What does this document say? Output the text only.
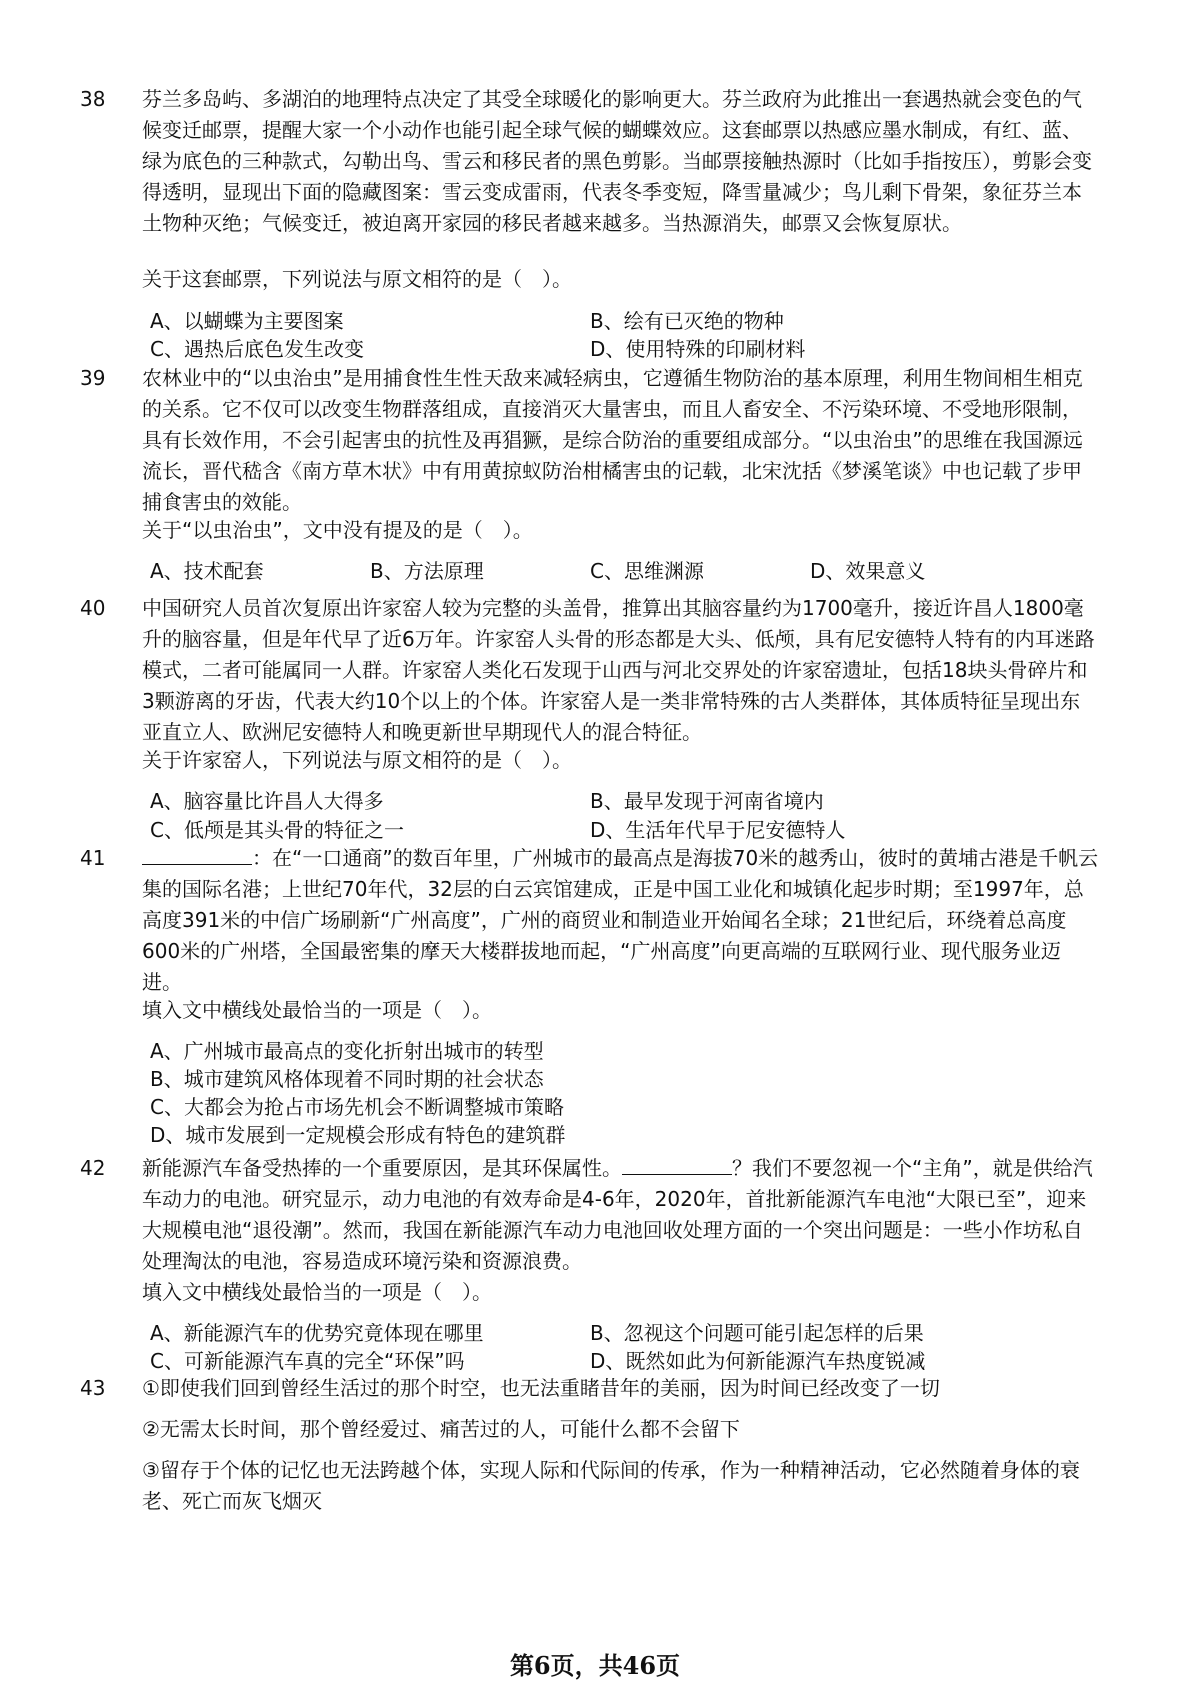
38	芬兰多岛屿、多湖泊的地理特点决定了其受全球暖化的影响更大。芬兰政府为此推出一套遇热就会变色的气候变迁邮票，提醒大家一个小动作也能引起全球气候的蝴蝶效应。这套邮票以热感应墨水制成，有红、蓝、绿为底色的三种款式，勾勒出鸟、雪云和移民者的黑色剪影。当邮票接触热源时（比如手指按压），剪影会变得透明，显现出下面的隐藏图案：雪云变成雷雨，代表冬季变短，降雪量减少；鸟儿剩下骨架，象征芬兰本土物种灭绝；气候变迁，被迫离开家园的移民者越来越多。当热源消失，邮票又会恢复原状。

关于这套邮票，下列说法与原文相符的是（　）。
A、以蝴蝶为主要图案	B、绘有已灭绝的物种
C、遇热后底色发生改变	D、使用特殊的印刷材料
39	农林业中的“以虫治虫”是用捕食性生性天敌来减轻病虫，它遵循生物防治的基本原理，利用生物间相生相克的关系。它不仅可以改变生物群落组成，直接消灭大量害虫，而且人畜安全、不污染环境、不受地形限制，具有长效作用，不会引起害虫的抗性及再猖獗，是综合防治的重要组成部分。“以虫治虫”的思维在我国源远流长，晋代嵇含《南方草木状》中有用黄掠蚁防治柑橘害虫的记载，北宋沈括《梦溪笔谈》中也记载了步甲捕食害虫的效能。

关于“以虫治虫”，文中没有提及的是（　）。
A、技术配套	B、方法原理	C、思维渊源	D、效果意义
40	中国研究人员首次复原出许家窑人较为完整的头盖骨，推算出其脑容量约为1700毫升，接近许昌人1800毫升的脑容量，但是年代早了近6万年。许家窑人头骨的形态都是大头、低颅，具有尼安德特人特有的内耳迷路模式，二者可能属同一人群。许家窑人类化石发现于山西与河北交界处的许家窑遗址，包括18块头骨碎片和3颗游离的牙齿，代表大约10个以上的个体。许家窑人是一类非常特殊的古人类群体，其体质特征呈现出东亚直立人、欧洲尼安德特人和晚更新世早期现代人的混合特征。

关于许家窑人，下列说法与原文相符的是（　）。
A、脑容量比许昌人大得多	B、最早发现于河南省境内
C、低颅是其头骨的特征之一	D、生活年代早于尼安德特人
41	：在“一口通商”的数百年里，广州城市的最高点是海拔70米的越秀山，彼时的黄埔古港是千帆云集的国际名港；上世纪70年代，32层的白云宾馆建成，正是中国工业化和城镇化起步时期；至1997年，总高度391米的中信广场刷新“广州高度”，广州的商贸业和制造业开始闻名全球；21世纪后，环绕着总高度600米的广州塔，全国最密集的摩天大楼群拔地而起，“广州高度”向更高端的互联网行业、现代服务业迈进。

填入文中横线处最恰当的一项是（　）。
A、广州城市最高点的变化折射出城市的转型
B、城市建筑风格体现着不同时期的社会状态
C、大都会为抢占市场先机会不断调整城市策略
D、城市发展到一定规模会形成有特色的建筑群
42	新能源汽车备受热捧的一个重要原因，是其环保属性。	？我们不要忽视一个“主角”，就是供给汽车动力的电池。研究显示，动力电池的有效寿命是4-6年，2020年，首批新能源汽车电池“大限已至”，迎来大规模电池“退役潮”。然而，我国在新能源汽车动力电池回收处理方面的一个突出问题是：一些小作坊私自处理淘汰的电池，容易造成环境污染和资源浪费。

填入文中横线处最恰当的一项是（　）。
A、新能源汽车的优势究竟体现在哪里	B、忽视这个问题可能引起怎样的后果
C、可新能源汽车真的完全“环保”吗	D、既然如此为何新能源汽车热度锐减
43	①即使我们回到曾经生活过的那个时空，也无法重睹昔年的美丽，因为时间已经改变了一切

②无需太长时间，那个曾经爱过、痛苦过的人，可能什么都不会留下

③留存于个体的记忆也无法跨越个体，实现人际和代际间的传承，作为一种精神活动，它必然随着身体的衰老、死亡而灰飞烟灭

第6页，共46页
